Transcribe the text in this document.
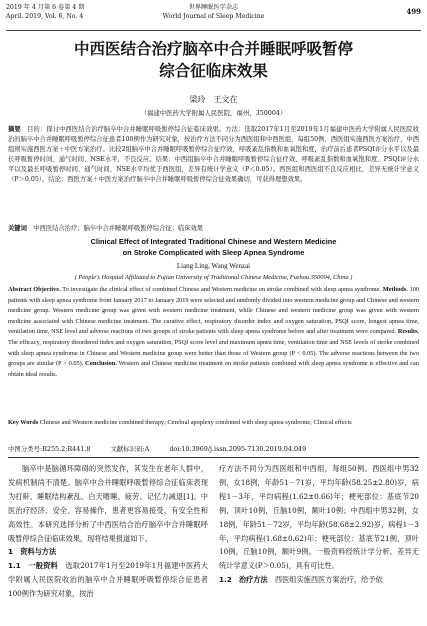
2019 年 4 月第 6 卷第 4 期
April. 2019, Vol. 6, No. 4
世界睡眠医学杂志
World Journal of Sleep Medicine	499
中西医结合治疗脑卒中合并睡眠呼吸暂停
综合征临床效果
梁玲　王文在
（福建中医药大学附属人民医院，福州，350004）
摘要　 目的：探讨中西医结合治疗脑卒中合并睡眠呼吸暂停综合征临床效果。方法：选取2017年1月至2019年1月福建中医药大学附属人民医院收治的脑卒中合并睡眠呼吸暂停综合征患者100例作为研究对象，按治疗方法不同分为西医组和中西医组，每组50例，西医组实施西医方案治疗，中西组则实施西医方案＋中医方案治疗。比较2组脑卒中合并睡眠呼吸暂停综合征疗效，呼吸紊乱指数和血氧饱和度，治疗前后患者PSQI评分水平以及最长呼吸暂停时间、通气时间、NSE水平，不良反应。结果：中西组脑卒中合并睡眠呼吸暂停综合征疗效、呼吸紊乱指数和血氧饱和度、PSQI评分水平以及最长呼吸暂停时间、通气时间、NSE水平均优于西医组，差异有统计学意义（P＜0.05）。西医组和西医组不良反应相比，差异无统计学意义（P＞0.05）。结论：西医方案＋中医方案治疗脑卒中合并睡眠呼吸暂停综合征效果确切，可获得理想效果。
关键词　 中西医结合治疗；脑卒中合并睡眠呼吸暂停综合征；临床效果
Clinical Effect of Integrated Traditional Chinese and Western Medicine
on Stroke Complicated with Sleep Apnea Syndrome
Liang Ling, Wang Wenzai
( People's Hospital Affiliated to Fujian University of Traditional Chinese Medicine, Fuzhou 350004, China )
Abstract Objective. To investigate the clinical effect of combined Chinese and Western medicine on stroke combined with sleep apnea syndrome. Methods. 100 patients with sleep apnea syndrome from January 2017 to January 2019 were selected and randomly divided into western medicine group and Chinese and western medicine group. Western medicine group was given with western medicine treatment, while Chinese and western medicine group was given with western medicine associated with Chinese medicine treatment. The curative effect, respiratory disorder index and oxygen saturation, PSQI score, longest apnea time, ventilation time, NSE level and adverse reactions of two groups of stroke patients with sleep apnea syndrome before and after treatment were compared. Results. The efficacy, respiratory disordered index and oxygen saturation, PSQI score level and maximum apnea time, ventilation time and NSE levels of stroke combined with sleep apnea syndrome in Chinese and Western medicine group were better than those of Western group (P < 0.05). The adverse reactions between the two groups are similar (P > 0.05). Conclusion. Western and Chinese medicine treatment on stroke patients combined with sleep apnea syndrome is effective and can obtain ideal results.
Key Words Chinese and Western medicine combined therapy; Cerebral apoplexy combined with sleep apnea syndrome; Clinical effects
中图分类号:R255.2;R441.8	文献标识码:A	doi:10.3969/j.issn.2095-7130.2019.04.049

脑卒中是脑循环障碍的突然发作，其发生在老年人群中，发病机制尚不清楚。脑卒中合并睡眠呼吸暂停综合征临床表现为打鼾、睡眠结构紊乱、白天嗜睡、疲劳、记忆力减退[1]。中医治疗经济、安全、容易操作，患者更容易接受，有安全性和高效性。本研究选择分析了中西医结合治疗脑卒中合并睡眠呼吸暂停综合征临床效果，现将结果报道如下。

1　资料与方法

1.1　一般资料　 选取2017年1月至2019年1月福建中医药大学附属人民医院收治的脑卒中合并睡眠呼吸暂停综合征患者100例作为研究对象，按治

疗方法不同分为西医组和中西组，每组50例。西医组中男32例，女18例，年龄51－71岁，平均年龄(58.25±2.80)岁，病程1－3年，平均病程(1.62±0.66)年；梗死部位：基底节20例，顶叶10例，丘脑10例，额叶10例；中西组中男32例，女18例，年龄51－72岁，平均年龄(58.68±2.92)岁，病程1－3年，平均病程(1.68±0.62)年；梗死部位：基底节21例，顶叶10例，丘脑10例，额叶9例。一般资料经统计学分析，差异无统计学意义(P＞0.05)，具有可比性。

1.2　治疗方法　 西医组实施西医方案治疗，给予依
